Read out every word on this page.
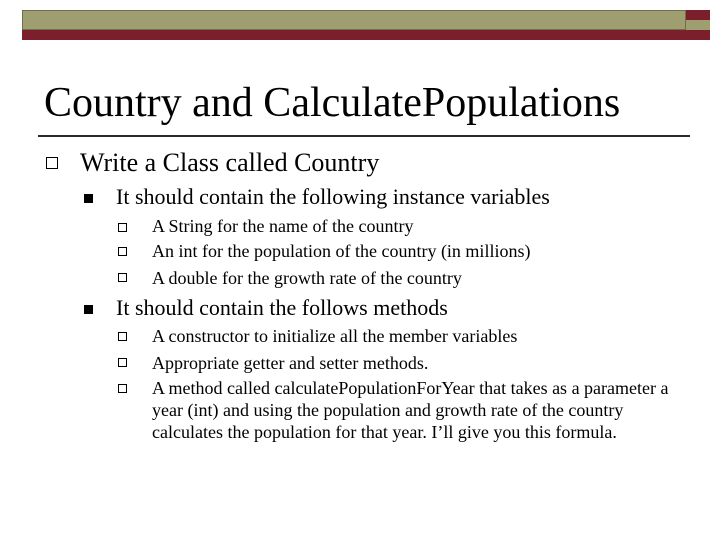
Country and CalculatePopulations
Write a Class called Country
It should contain the following instance variables
A String for the name of the country
An int for the population of the country (in millions)
A double for the growth rate of the country
It should contain the follows methods
A constructor to initialize all the member variables
Appropriate getter and setter methods.
A method called calculatePopulationForYear that takes as a parameter a year (int) and using the population and growth rate of the country calculates the population for that year. I’ll give you this formula.
